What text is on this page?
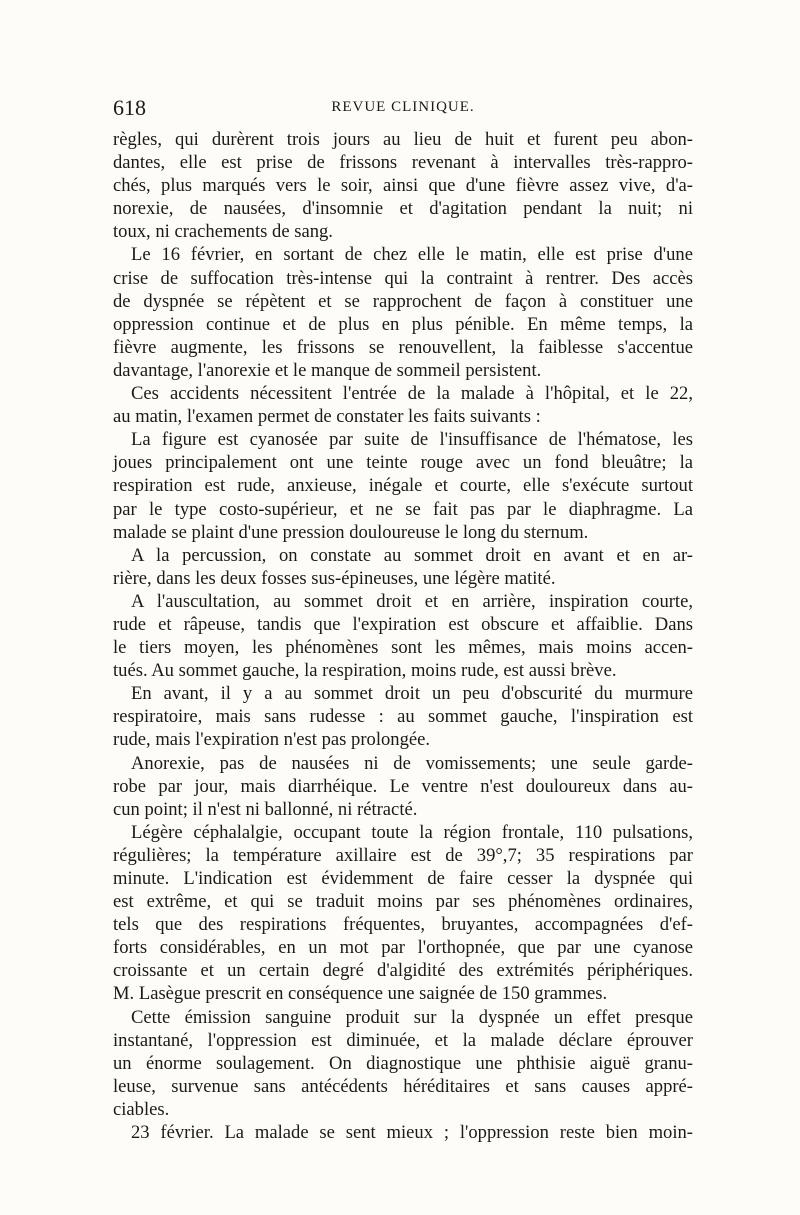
618	REVUE CLINIQUE.
règles, qui durèrent trois jours au lieu de huit et furent peu abon-
dantes, elle est prise de frissons revenant à intervalles très-rappro-
chés, plus marqués vers le soir, ainsi que d'une fièvre assez vive, d'a-
norexie, de nausées, d'insomnie et d'agitation pendant la nuit; ni
toux, ni crachements de sang.
Le 16 février, en sortant de chez elle le matin, elle est prise d'une
crise de suffocation très-intense qui la contraint à rentrer. Des accès
de dyspnée se répètent et se rapprochent de façon à constituer une
oppression continue et de plus en plus pénible. En même temps, la
fièvre augmente, les frissons se renouvellent, la faiblesse s'accentue
davantage, l'anorexie et le manque de sommeil persistent.
Ces accidents nécessitent l'entrée de la malade à l'hôpital, et le 22,
au matin, l'examen permet de constater les faits suivants :
La figure est cyanosée par suite de l'insuffisance de l'hématose, les
joues principalement ont une teinte rouge avec un fond bleuâtre; la
respiration est rude, anxieuse, inégale et courte, elle s'exécute surtout
par le type costo-supérieur, et ne se fait pas par le diaphragme. La
malade se plaint d'une pression douloureuse le long du sternum.
A la percussion, on constate au sommet droit en avant et en ar-
rière, dans les deux fosses sus-épineuses, une légère matité.
A l'auscultation, au sommet droit et en arrière, inspiration courte,
rude et râpeuse, tandis que l'expiration est obscure et affaiblie. Dans
le tiers moyen, les phénomènes sont les mêmes, mais moins accen-
tués. Au sommet gauche, la respiration, moins rude, est aussi brève.
En avant, il y a au sommet droit un peu d'obscurité du murmure
respiratoire, mais sans rudesse : au sommet gauche, l'inspiration est
rude, mais l'expiration n'est pas prolongée.
Anorexie, pas de nausées ni de vomissements; une seule garde-
robe par jour, mais diarrhéique. Le ventre n'est douloureux dans au-
cun point; il n'est ni ballonné, ni rétracté.
Légère céphalalgie, occupant toute la région frontale, 110 pulsations,
régulières; la température axillaire est de 39°,7; 35 respirations par
minute. L'indication est évidemment de faire cesser la dyspnée qui
est extrême, et qui se traduit moins par ses phénomènes ordinaires,
tels que des respirations fréquentes, bruyantes, accompagnées d'ef-
forts considérables, en un mot par l'orthopnée, que par une cyanose
croissante et un certain degré d'algidité des extrémités périphériques.
M. Lasègue prescrit en conséquence une saignée de 150 grammes.
Cette émission sanguine produit sur la dyspnée un effet presque
instantané, l'oppression est diminuée, et la malade déclare éprouver
un énorme soulagement. On diagnostique une phthisie aiguë granu-
leuse, survenue sans antécédents héréditaires et sans causes appré-
ciables.
23 février. La malade se sent mieux ; l'oppression reste bien moin-
